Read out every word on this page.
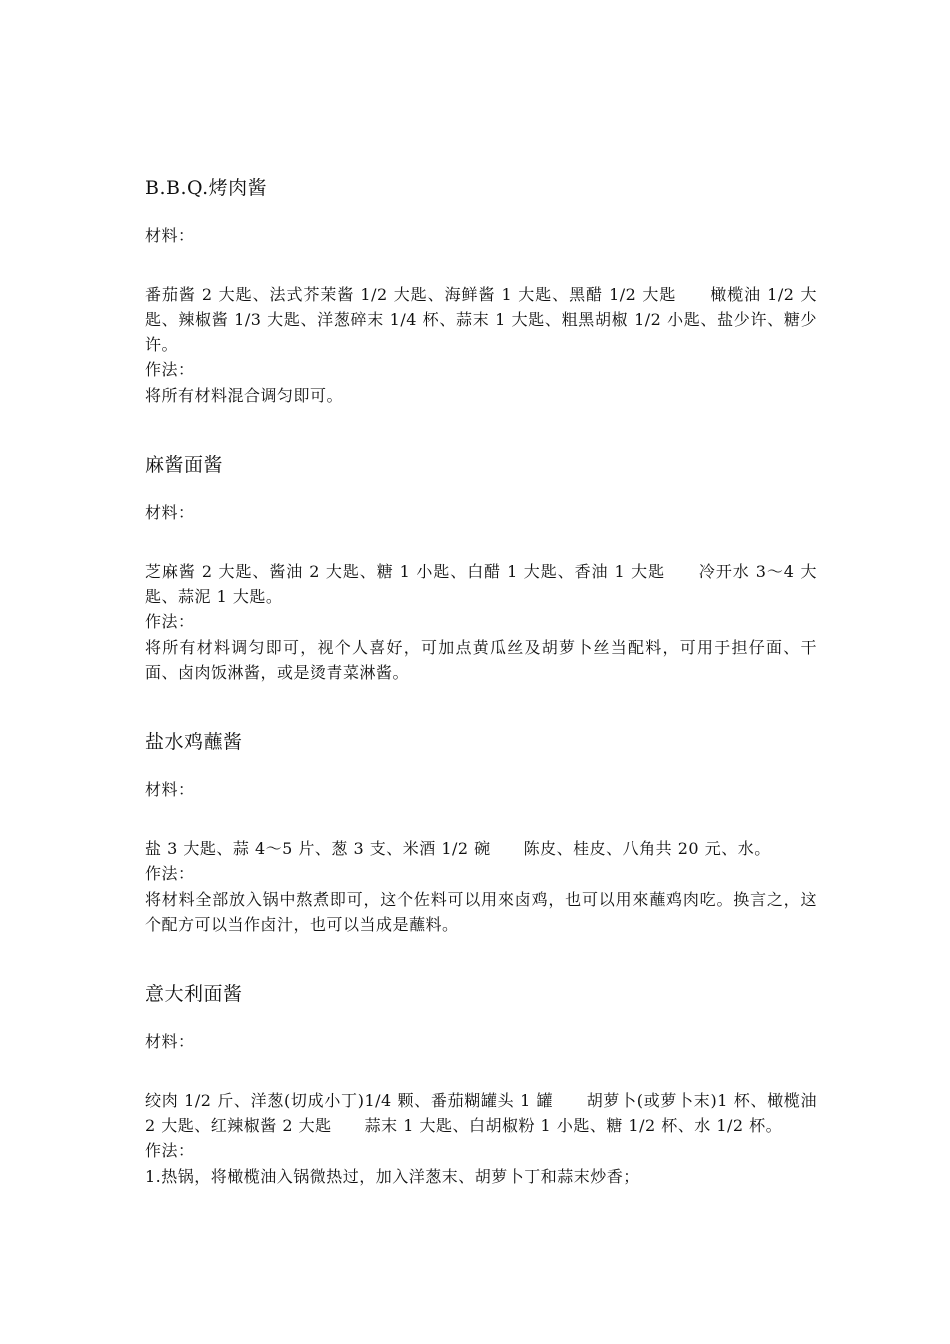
B.B.Q.烤肉酱
材料：

番茄酱 2 大匙、法式芥茉酱 1/2 大匙、海鲜酱 1 大匙、黑醋 1/2 大匙　　橄榄油 1/2 大匙、辣椒酱 1/3 大匙、洋葱碎末 1/4 杯、蒜末 1 大匙、粗黑胡椒 1/2 小匙、盐少许、糖少许。

作法：

将所有材料混合调匀即可。

麻酱面酱
材料：

芝麻酱 2 大匙、酱油 2 大匙、糖 1 小匙、白醋 1 大匙、香油 1 大匙　　冷开水 3～4 大匙、蒜泥 1 大匙。

作法：

将所有材料调匀即可，视个人喜好，可加点黄瓜丝及胡萝卜丝当配料，可用于担仔面、干面、卤肉饭淋酱，或是烫青菜淋酱。

盐水鸡蘸酱
材料：

盐 3 大匙、蒜 4～5 片、葱 3 支、米酒 1/2 碗　　陈皮、桂皮、八角共 20 元、水。

作法：

将材料全部放入锅中熬煮即可，这个佐料可以用來卤鸡，也可以用來蘸鸡肉吃。换言之，这个配方可以当作卤汁，也可以当成是蘸料。

意大利面酱
材料：

绞肉 1/2 斤、洋葱(切成小丁)1/4 颗、番茄糊罐头 1 罐　　胡萝卜(或萝卜末)1 杯、橄榄油 2 大匙、红辣椒酱 2 大匙　　蒜末 1 大匙、白胡椒粉 1 小匙、糖 1/2 杯、水 1/2 杯。

作法：

1.热锅，将橄榄油入锅微热过，加入洋葱末、胡萝卜丁和蒜末炒香；
